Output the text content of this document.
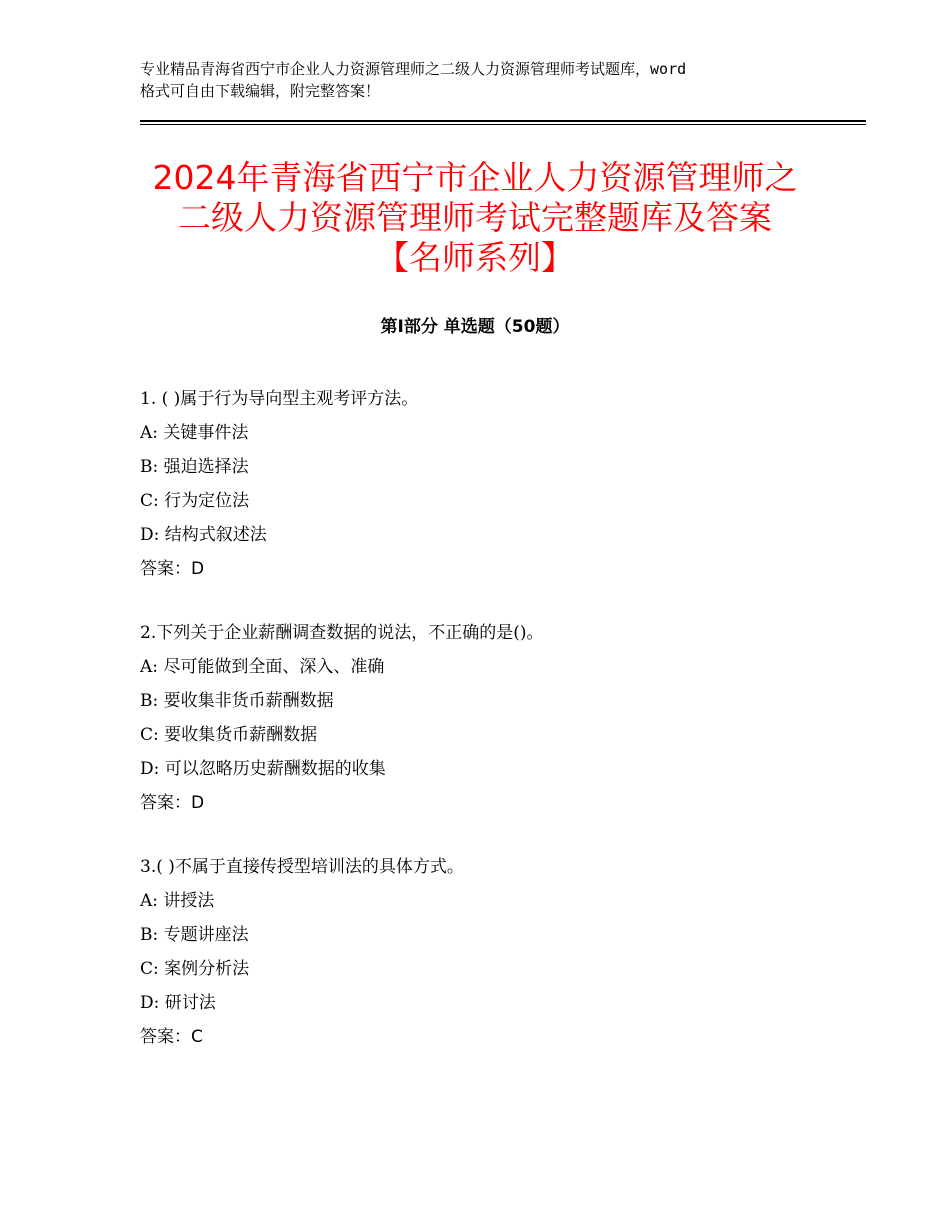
专业精品青海省西宁市企业人力资源管理师之二级人力资源管理师考试题库，word
格式可自由下载编辑，附完整答案！
2024年青海省西宁市企业人力资源管理师之
二级人力资源管理师考试完整题库及答案
【名师系列】
第Ⅰ部分 单选题（50题）
1. ( )属于行为导向型主观考评方法。
A: 关键事件法
B: 强迫选择法
C: 行为定位法
D: 结构式叙述法
答案：D
2.下列关于企业薪酬调查数据的说法，不正确的是()。
A: 尽可能做到全面、深入、准确
B: 要收集非货币薪酬数据
C: 要收集货币薪酬数据
D: 可以忽略历史薪酬数据的收集
答案：D
3.( )不属于直接传授型培训法的具体方式。
A: 讲授法
B: 专题讲座法
C: 案例分析法
D: 研讨法
答案：C
